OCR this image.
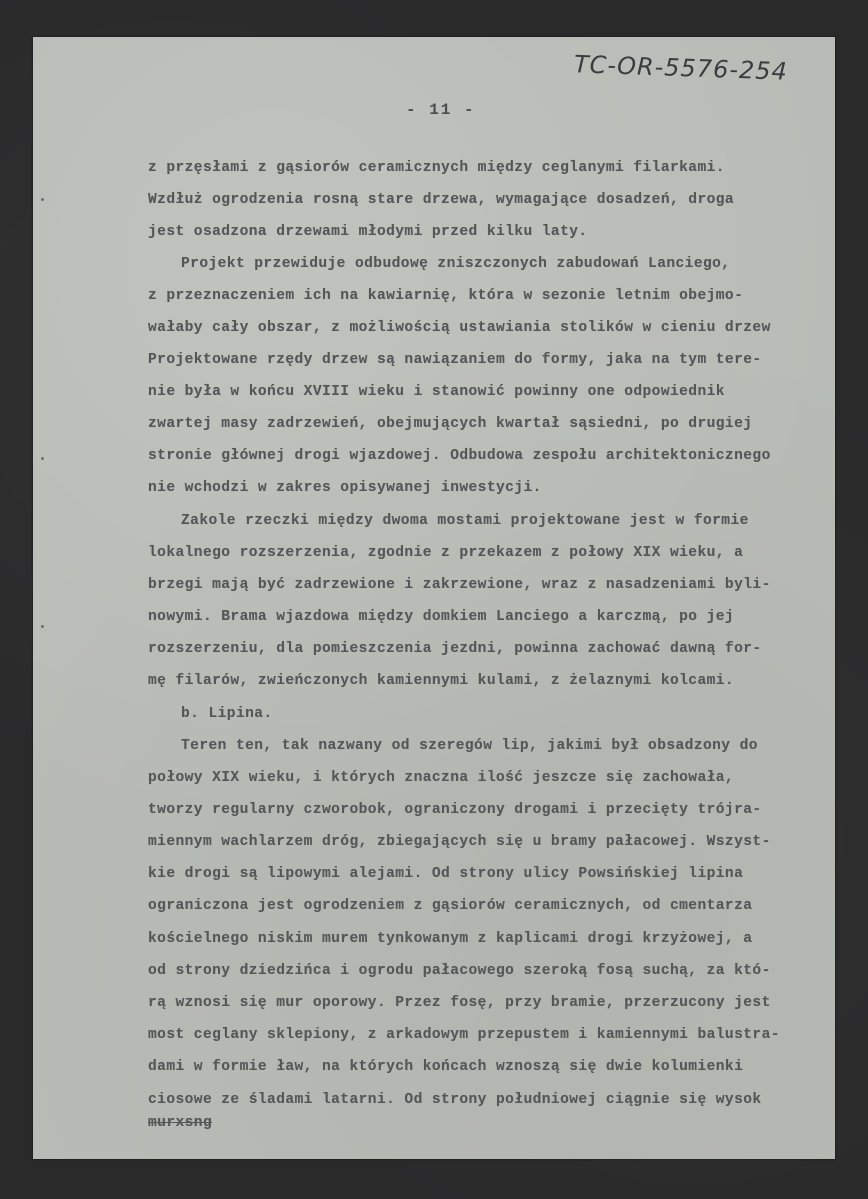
TC-OR-5576-254
- 11 -
z przęsłami z gąsiorów ceramicznych między ceglanymi filarkami.
Wzdłuż ogrodzenia rosną stare drzewa, wymagające dosadzeń, droga
jest osadzona drzewami młodymi przed kilku laty.
Projekt przewiduje odbudowę zniszczonych zabudowań Lanciego,
z przeznaczeniem ich na kawiarnię, która w sezonie letnim obejmo-
wałaby cały obszar, z możliwością ustawiania stolików w cieniu drzew
Projektowane rzędy drzew są nawiązaniem do formy, jaka na tym tere-
nie była w końcu XVIII wieku i stanowić powinny one odpowiednik
zwartej masy zadrzewień, obejmujących kwartał sąsiedni, po drugiej
stronie głównej drogi wjazdowej. Odbudowa zespołu architektonicznego
nie wchodzi w zakres opisywanej inwestycji.
Zakole rzeczki między dwoma mostami projektowane jest w formie
lokalnego rozszerzenia, zgodnie z przekazem z połowy XIX wieku, a
brzegi mają być zadrzewione i zakrzewione, wraz z nasadzeniami byli-
nowymi. Brama wjazdowa między domkiem Lanciego a karczmą, po jej
rozszerzeniu, dla pomieszczenia jezdni, powinna zachować dawną for-
mę filarów, zwieńczonych kamiennymi kulami, z żelaznymi kolcami.
b. Lipina.
Teren ten, tak nazwany od szeregów lip, jakimi był obsadzony do
połowy XIX wieku, i których znaczna ilość jeszcze się zachowała,
tworzy regularny czworobok, ograniczony drogami i przecięty trójra-
miennym wachlarzem dróg, zbiegających się u bramy pałacowej. Wszyst-
kie drogi są lipowymi alejami. Od strony ulicy Powsińskiej lipina
ograniczona jest ogrodzeniem z gąsiorów ceramicznych, od cmentarza
kościelnego niskim murem tynkowanym z kaplicami drogi krzyżowej, a
od strony dziedzińca i ogrodu pałacowego szeroką fosą suchą, za któ-
rą wznosi się mur oporowy. Przez fosę, przy bramie, przerzucony jest
most ceglany sklepiony, z arkadowym przepustem i kamiennymi balustra-
dami w formie ław, na których końcach wznoszą się dwie kolumienki
ciosowe ze śladami latarni. Od strony południowej ciągnie się wysok
murxsng
